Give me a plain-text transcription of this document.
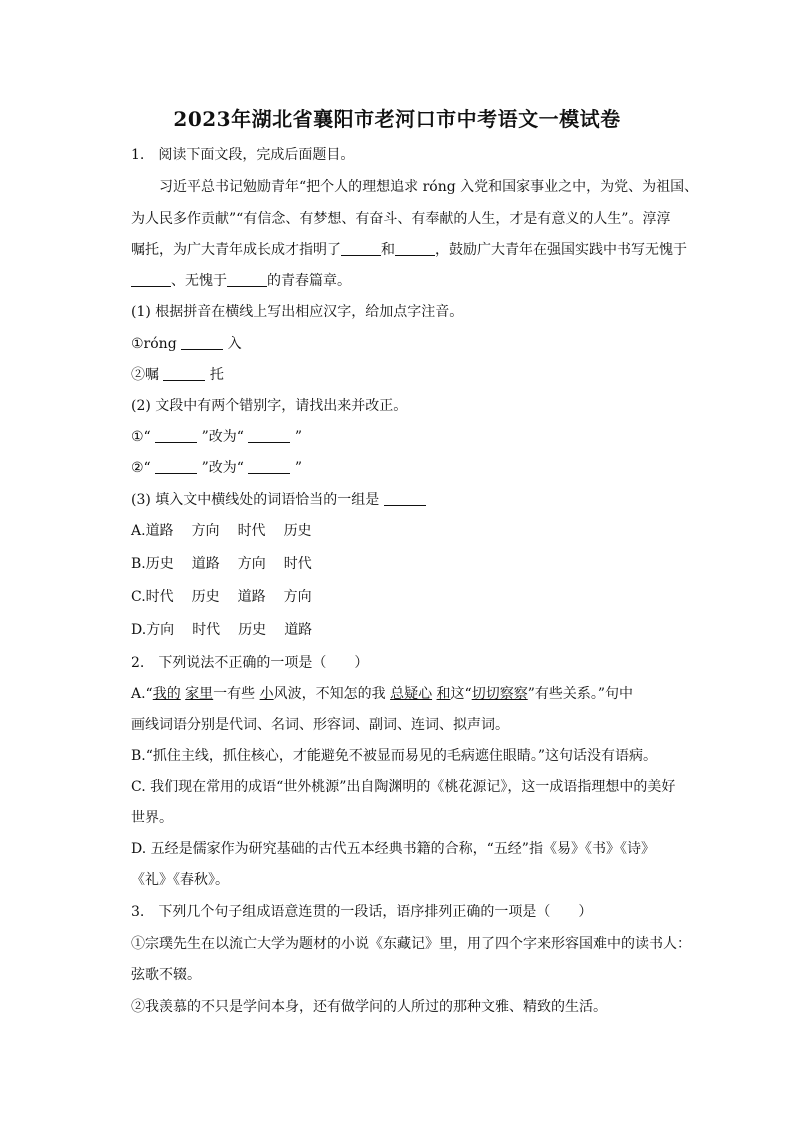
2023年湖北省襄阳市老河口市中考语文一模试卷
1.　阅读下面文段，完成后面题目。
习近平总书记勉励青年“把个人的理想追求 róng 入党和国家事业之中，为党、为祖国、
为人民多作贡献”“有信念、有梦想、有奋斗、有奉献的人生，才是有意义的人生”。淳淳
嘱托，为广大青年成长成才指明了	和	，鼓励广大青年在强国实践中书写无愧于
、无愧于	的青春篇章。
(1) 根据拼音在横线上写出相应汉字，给加点字注音。
①róng	入
②嘱	托
(2) 文段中有两个错别字，请找出来并改正。
①“	”改为“	”
②“	”改为“	”
(3) 填入文中横线处的词语恰当的一组是
A.道路 方向 时代 历史
B.历史 道路 方向 时代
C.时代 历史 道路 方向
D.方向 时代 历史 道路
2.　下列说法不正确的一项是（　　）
A.“我的 家里一有些 小风波，不知怎的我 总疑心 和这“切切察察”有些关系。”句中
画线词语分别是代词、名词、形容词、副词、连词、拟声词。
B.“抓住主线，抓住核心，才能避免不被显而易见的毛病遮住眼睛。”这句话没有语病。
C. 我们现在常用的成语“世外桃源”出自陶渊明的《桃花源记》，这一成语指理想中的美好
世界。
D. 五经是儒家作为研究基础的古代五本经典书籍的合称，“五经”指《易》《书》《诗》
《礼》《春秋》。
3.　下列几个句子组成语意连贯的一段话，语序排列正确的一项是（　　）
①宗璞先生在以流亡大学为题材的小说《东藏记》里，用了四个字来形容国难中的读书人：
弦歌不辍。
②我羡慕的不只是学问本身，还有做学问的人所过的那种文雅、精致的生活。
